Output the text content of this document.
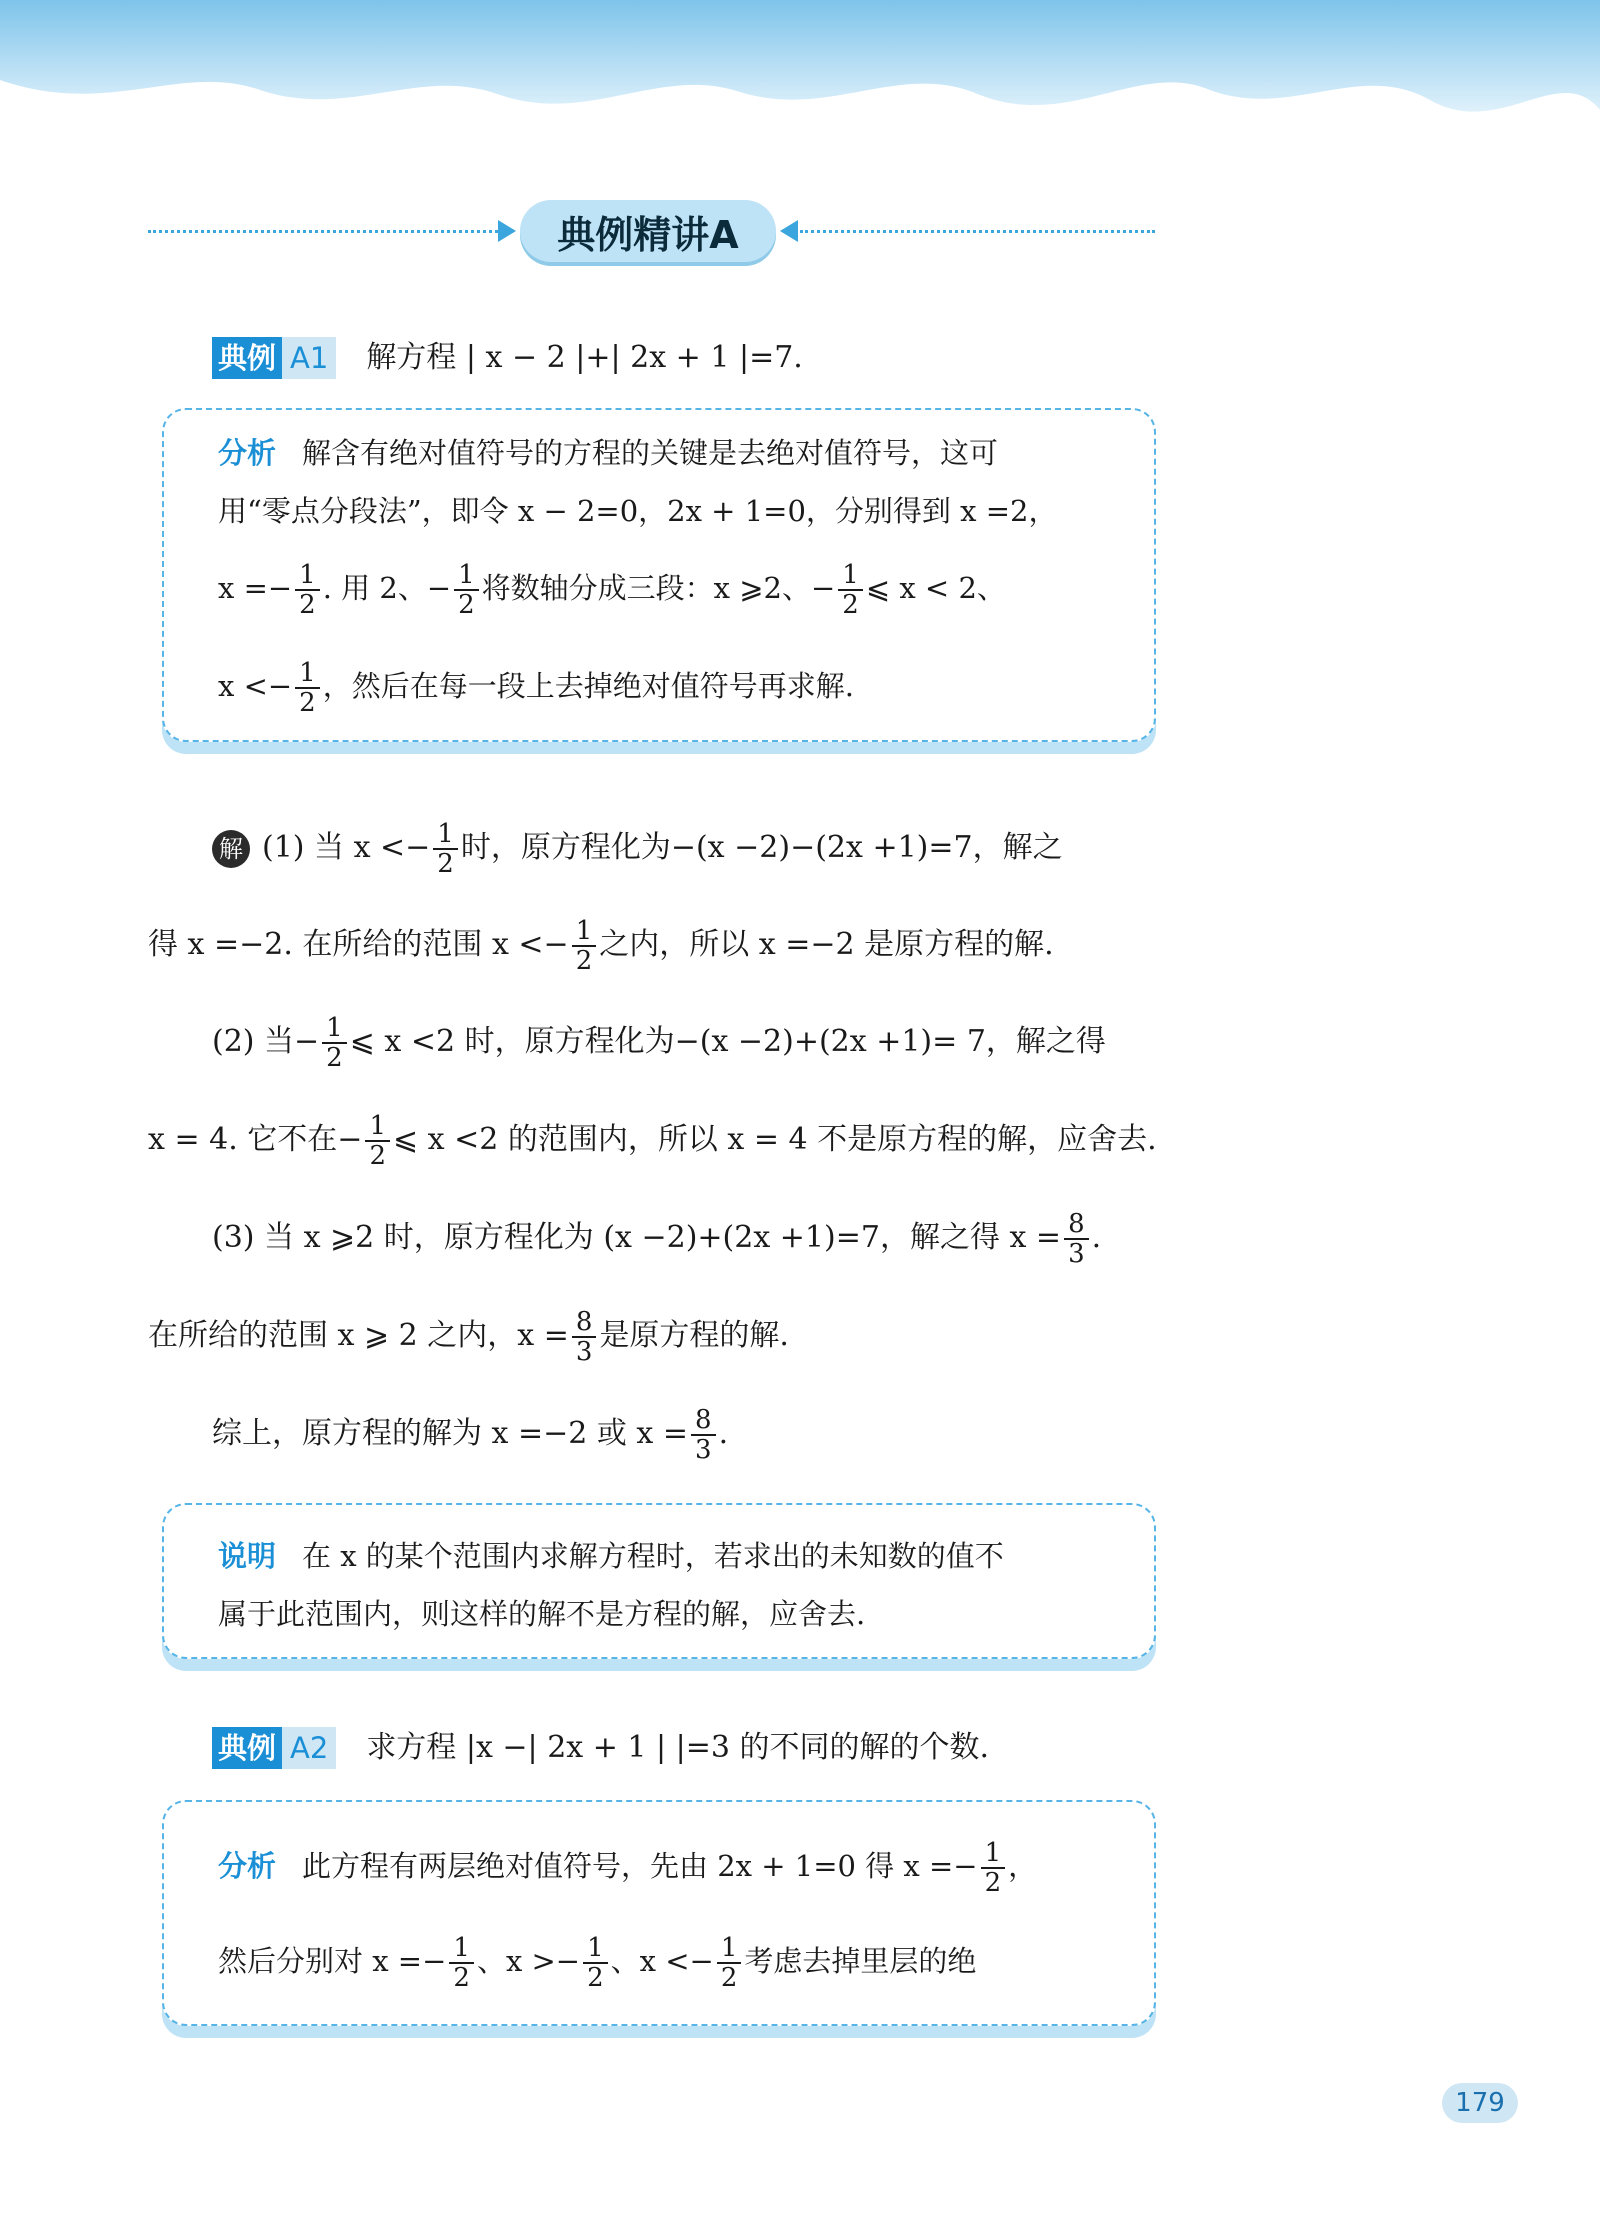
典例精讲A
典例 A1 解方程 | x − 2 |+| 2x + 1 |=7.
分析 解含有绝对值符号的方程的关键是去绝对值符号，这可
用“零点分段法”，即令 x − 2=0，2x + 1=0，分别得到 x =2，
$x =- \frac{1}{2}$ . 用 2、− $\frac{1}{2}$ 将数轴分成三段：x ⩾2、− $\frac{1}{2}$ ⩽ x < 2、
$x <- \frac{1}{2}$ ，然后在每一段上去掉绝对值符号再求解.
解 (1) 当 $x <- \frac{1}{2}$ 时，原方程化为−(x −2)−(2x +1)=7，解之
得 x =−2. 在所给的范围 $x <- \frac{1}{2}$ 之内，所以 x =−2 是原方程的解.
(2) 当− $\frac{1}{2}$ ⩽ x <2 时，原方程化为−(x −2)+(2x +1)= 7，解之得
x = 4. 它不在− $\frac{1}{2}$ ⩽ x <2 的范围内，所以 x = 4 不是原方程的解，应舍去.
(3) 当 x ⩾2 时，原方程化为 (x −2)+(2x +1)=7，解之得 $x = \frac{8}{3}$ .
在所给的范围 x ⩾ 2 之内，$x = \frac{8}{3}$ 是原方程的解.
综上，原方程的解为 x =−2 或 $x = \frac{8}{3}$ .
说明 在 x 的某个范围内求解方程时，若求出的未知数的值不
属于此范围内，则这样的解不是方程的解，应舍去.
典例 A2 求方程 |x −| 2x + 1 | |=3 的不同的解的个数.
分析 此方程有两层绝对值符号，先由 2x + 1=0 得 $x =- \frac{1}{2}$ ，
然后分别对 $x =- \frac{1}{2}$ 、$x >- \frac{1}{2}$ 、$x <- \frac{1}{2}$ 考虑去掉里层的绝
179
